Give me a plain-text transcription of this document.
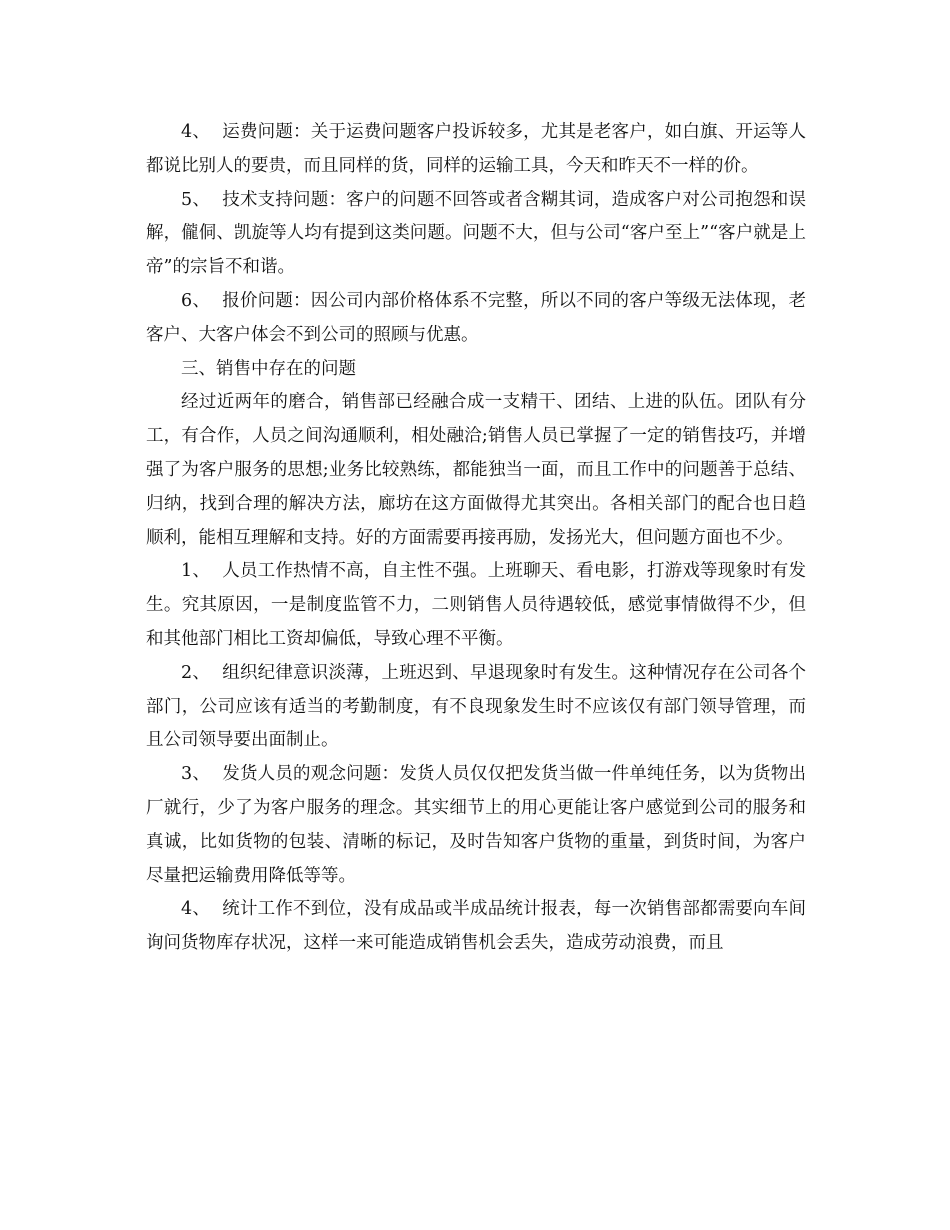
4、 运费问题：关于运费问题客户投诉较多，尤其是老客户，如白旗、开运等人都说比别人的要贵，而且同样的货，同样的运输工具，今天和昨天不一样的价。

5、 技术支持问题：客户的问题不回答或者含糊其词，造成客户对公司抱怨和误解，儱侗、凯旋等人均有提到这类问题。问题不大，但与公司“客户至上”“客户就是上帝”的宗旨不和谐。

6、 报价问题：因公司内部价格体系不完整，所以不同的客户等级无法体现，老客户、大客户体会不到公司的照顾与优惠。

三、销售中存在的问题

经过近两年的磨合，销售部已经融合成一支精干、团结、上进的队伍。团队有分工，有合作，人员之间沟通顺利，相处融洽;销售人员已掌握了一定的销售技巧，并增强了为客户服务的思想;业务比较熟练，都能独当一面，而且工作中的问题善于总结、归纳，找到合理的解决方法，廊坊在这方面做得尤其突出。各相关部门的配合也日趋顺利，能相互理解和支持。好的方面需要再接再励，发扬光大，但问题方面也不少。

1、 人员工作热情不高，自主性不强。上班聊天、看电影，打游戏等现象时有发生。究其原因，一是制度监管不力，二则销售人员待遇较低，感觉事情做得不少，但和其他部门相比工资却偏低，导致心理不平衡。

2、 组织纪律意识淡薄，上班迟到、早退现象时有发生。这种情况存在公司各个部门，公司应该有适当的考勤制度，有不良现象发生时不应该仅有部门领导管理，而且公司领导要出面制止。

3、 发货人员的观念问题：发货人员仅仅把发货当做一件单纯任务，以为货物出厂就行，少了为客户服务的理念。其实细节上的用心更能让客户感觉到公司的服务和真诚，比如货物的包装、清晰的标记，及时告知客户货物的重量，到货时间，为客户尽量把运输费用降低等等。

4、 统计工作不到位，没有成品或半成品统计报表，每一次销售部都需要向车间询问货物库存状况，这样一来可能造成销售机会丢失，造成劳动浪费，而且
